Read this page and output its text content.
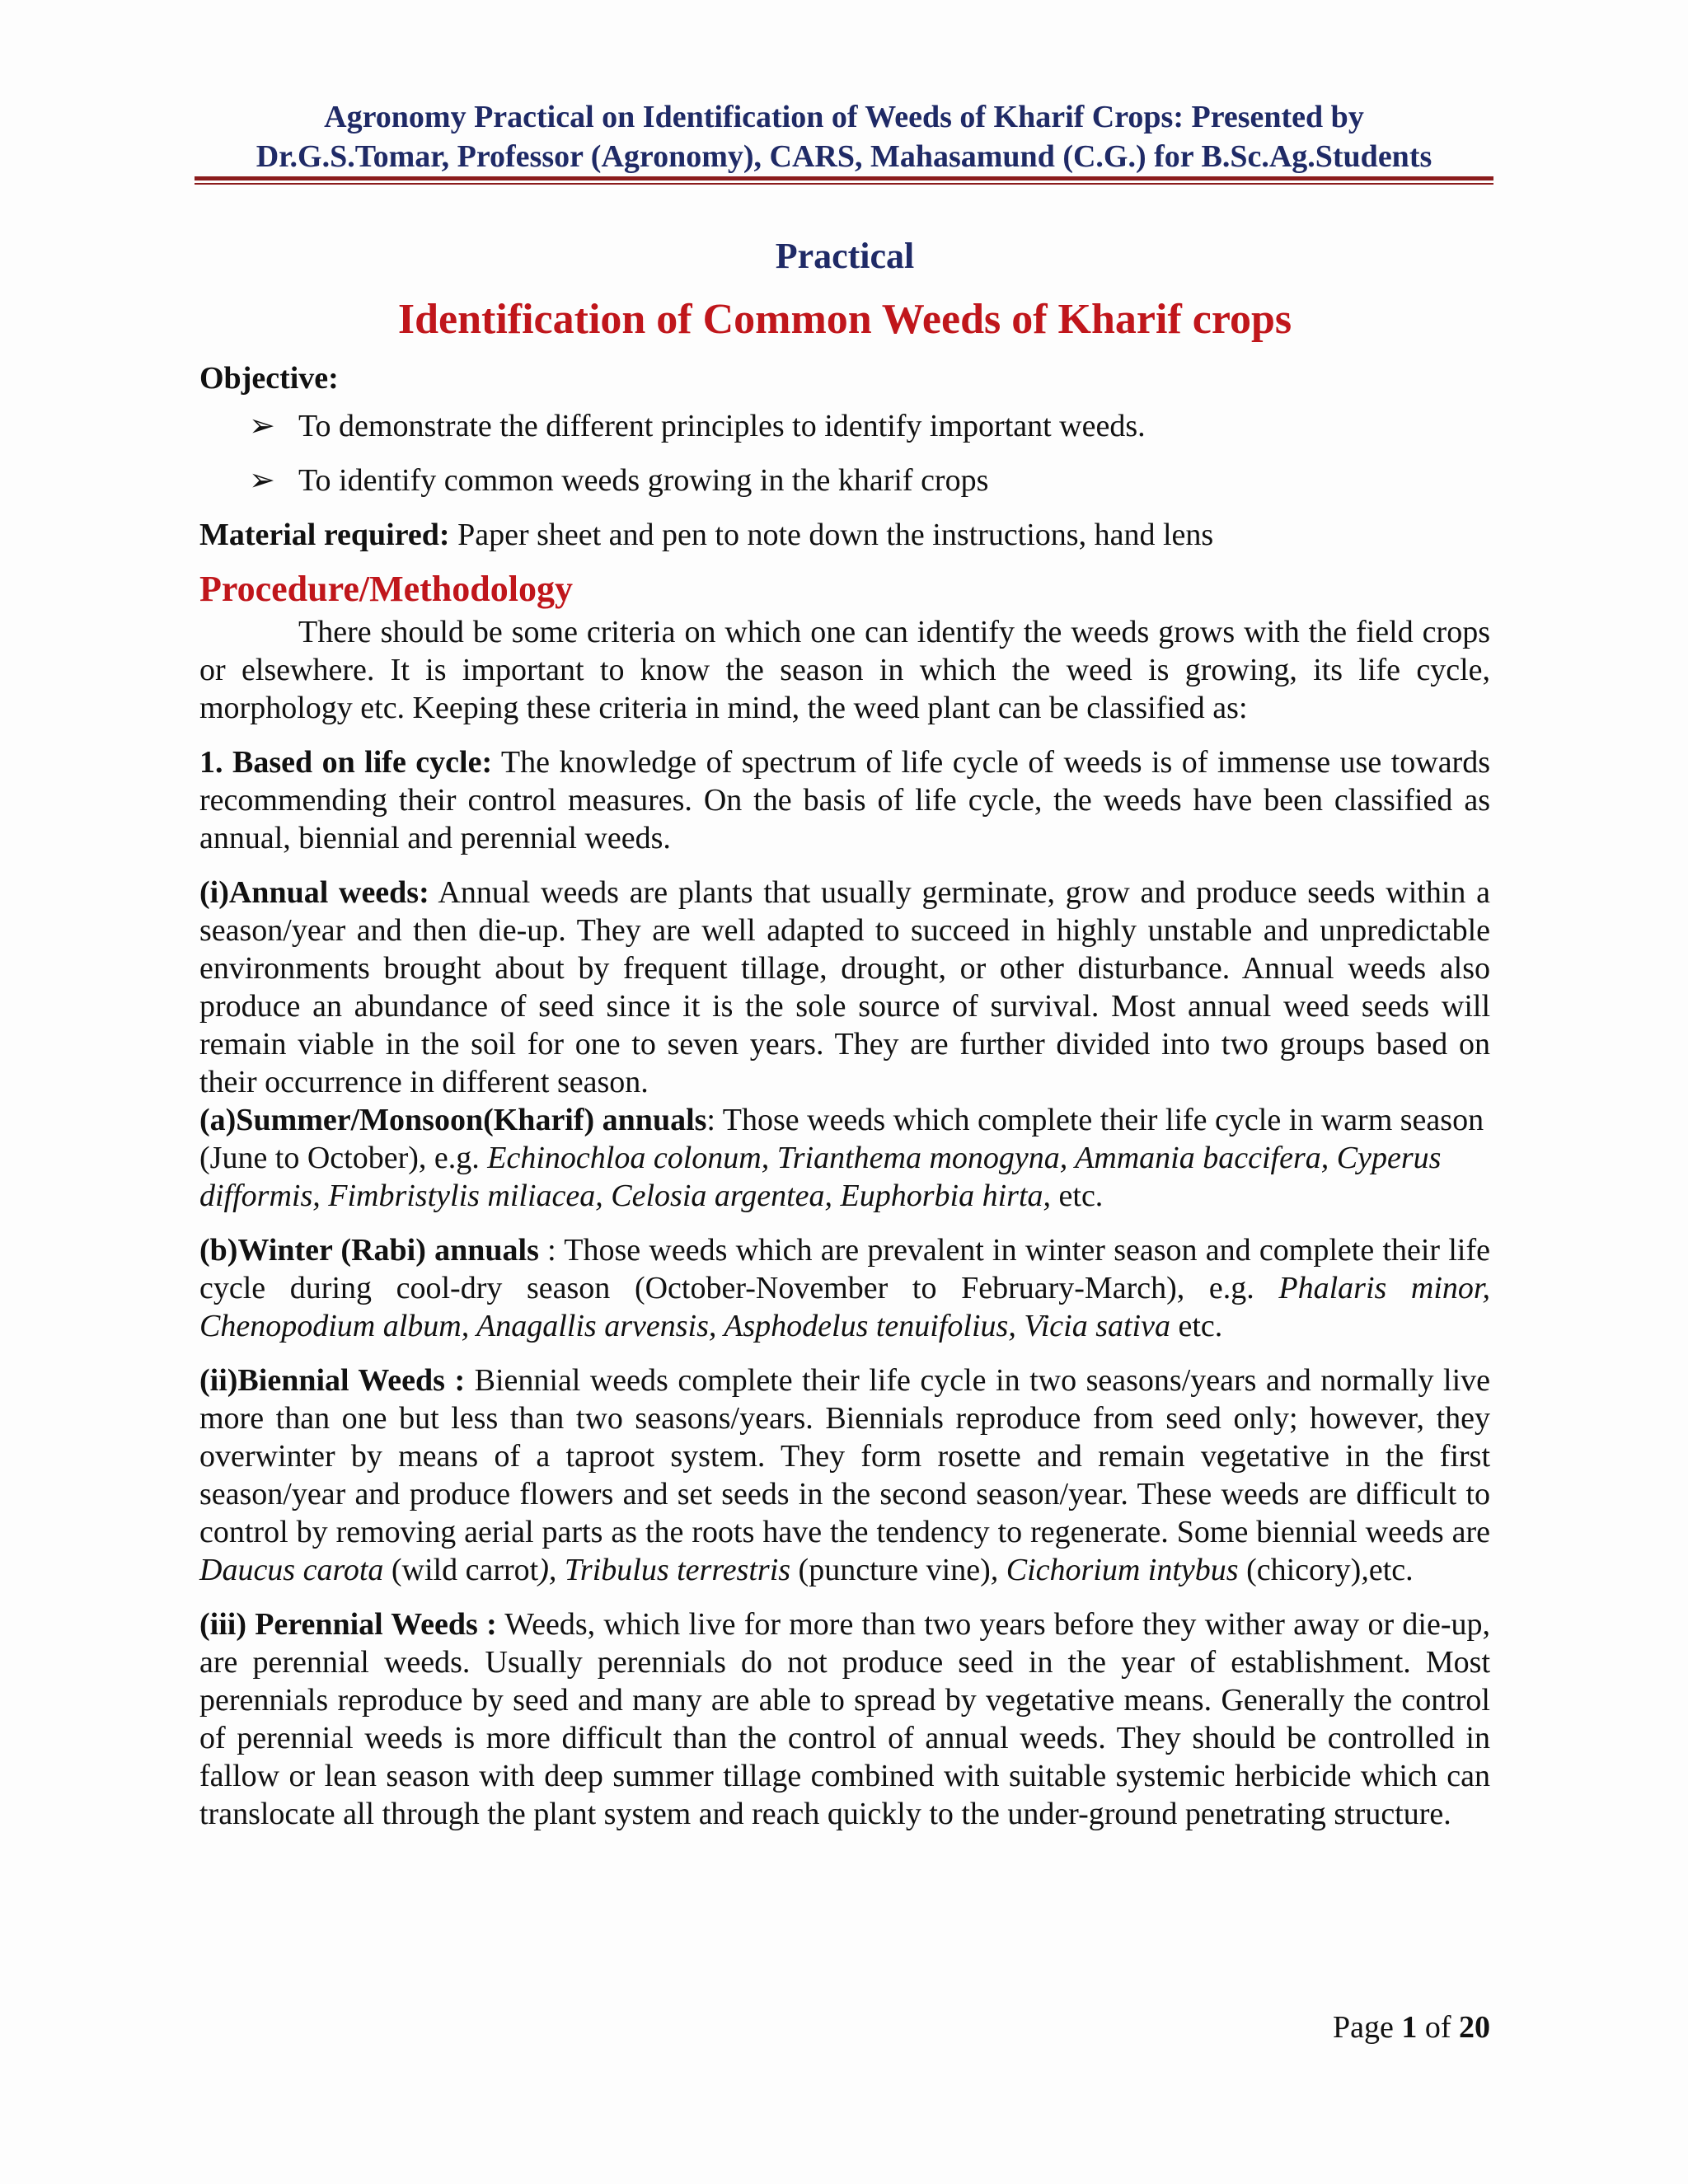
Agronomy Practical on Identification of Weeds of Kharif Crops: Presented by
Dr.G.S.Tomar, Professor (Agronomy), CARS, Mahasamund (C.G.) for B.Sc.Ag.Students
Practical
Identification of Common Weeds of Kharif crops
Objective:
➢ To demonstrate the different principles to identify important weeds.
➢ To identify common weeds growing in the kharif crops

Material required: Paper sheet and pen to note down the instructions, hand lens

Procedure/Methodology

There should be some criteria on which one can identify the weeds grows with the field crops or elsewhere. It is important to know the season in which the weed is growing, its life cycle, morphology etc. Keeping these criteria in mind, the weed plant can be classified as:

1. Based on life cycle: The knowledge of spectrum of life cycle of weeds is of immense use towards recommending their control measures. On the basis of life cycle, the weeds have been classified as annual, biennial and perennial weeds.

(i)Annual weeds: Annual weeds are plants that usually germinate, grow and produce seeds within a season/year and then die-up. They are well adapted to succeed in highly unstable and unpredictable environments brought about by frequent tillage, drought, or other disturbance. Annual weeds also produce an abundance of seed since it is the sole source of survival. Most annual weed seeds will remain viable in the soil for one to seven years. They are further divided into two groups based on their occurrence in different season.

(a)Summer/Monsoon(Kharif) annuals: Those weeds which complete their life cycle in warm season (June to October), e.g. Echinochloa colonum, Trianthema monogyna, Ammania baccifera, Cyperus difformis, Fimbristylis miliacea, Celosia argentea, Euphorbia hirta, etc.

(b)Winter (Rabi) annuals : Those weeds which are prevalent in winter season and complete their life cycle during cool-dry season (October-November to February-March), e.g. Phalaris minor, Chenopodium album, Anagallis arvensis, Asphodelus tenuifolius, Vicia sativa etc.

(ii)Biennial Weeds : Biennial weeds complete their life cycle in two seasons/years and normally live more than one but less than two seasons/years. Biennials reproduce from seed only; however, they overwinter by means of a taproot system. They form rosette and remain vegetative in the first season/year and produce flowers and set seeds in the second season/year. These weeds are difficult to control by removing aerial parts as the roots have the tendency to regenerate. Some biennial weeds are Daucus carota (wild carrot), Tribulus terrestris (puncture vine), Cichorium intybus (chicory),etc.

(iii) Perennial Weeds : Weeds, which live for more than two years before they wither away or die-up, are perennial weeds. Usually perennials do not produce seed in the year of establishment. Most perennials reproduce by seed and many are able to spread by vegetative means. Generally the control of perennial weeds is more difficult than the control of annual weeds. They should be controlled in fallow or lean season with deep summer tillage combined with suitable systemic herbicide which can translocate all through the plant system and reach quickly to the under-ground penetrating structure.

Page 1 of 20
